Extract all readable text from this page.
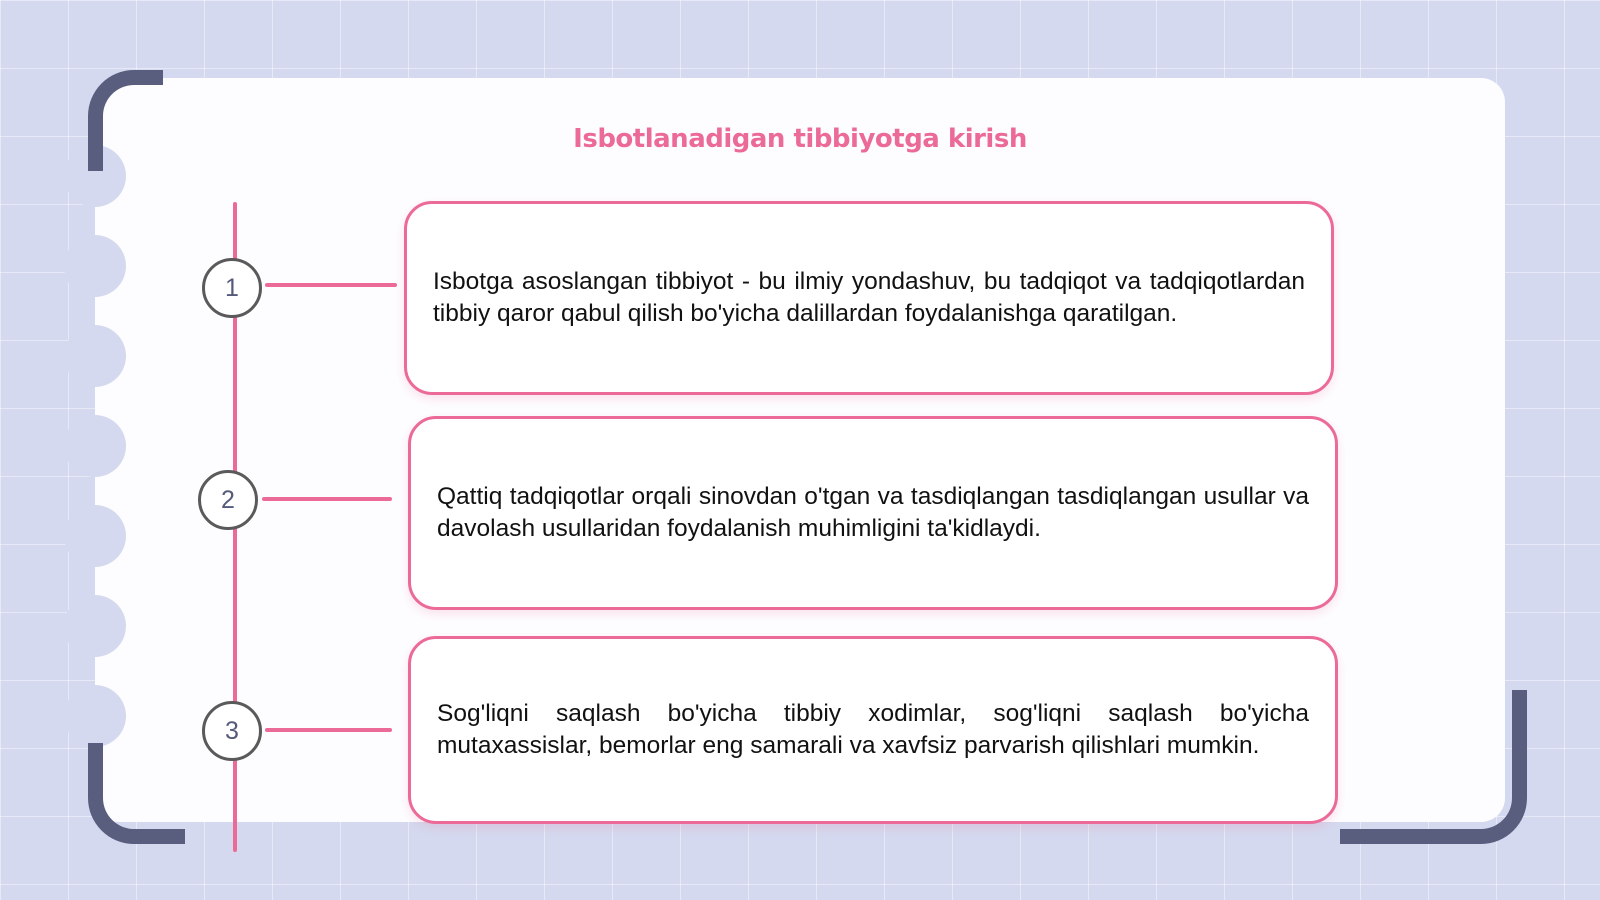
Isbotlanadigan tibbiyotga kirish
1
2
3

Isbotga asoslangan tibbiyot - bu ilmiy yondashuv, bu tadqiqot va tadqiqotlardan tibbiy qaror qabul qilish bo'yicha dalillardan foydalanishga qaratilgan.

Qattiq tadqiqotlar orqali sinovdan o'tgan va tasdiqlangan tasdiqlangan usullar va davolash usullaridan foydalanish muhimligini ta'kidlaydi.

Sog'liqni saqlash bo'yicha tibbiy xodimlar, sog'liqni saqlash bo'yicha mutaxassislar, bemorlar eng samarali va xavfsiz parvarish qilishlari mumkin.
